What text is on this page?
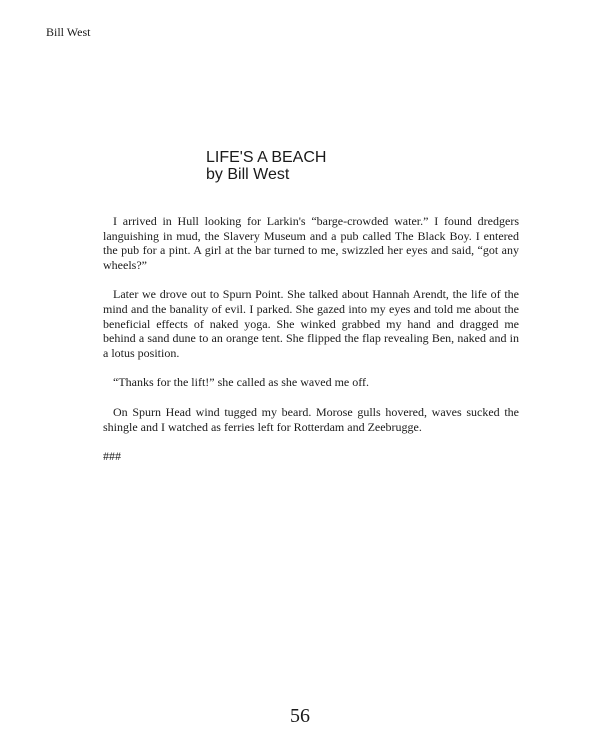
Bill West
LIFE'S A BEACH
by Bill West

I arrived in Hull looking for Larkin's “barge-crowded water.” I found dredgers languishing in mud, the Slavery Museum and a pub called The Black Boy. I entered the pub for a pint. A girl at the bar turned to me, swizzled her eyes and said, “got any wheels?”

Later we drove out to Spurn Point. She talked about Hannah Arendt, the life of the mind and the banality of evil. I parked. She gazed into my eyes and told me about the beneficial effects of naked yoga. She winked grabbed my hand and dragged me behind a sand dune to an orange tent. She flipped the flap revealing Ben, naked and in a lotus position.

“Thanks for the lift!” she called as she waved me off.

On Spurn Head wind tugged my beard. Morose gulls hovered, waves sucked the shingle and I watched as ferries left for Rotterdam and Zeebrugge.

###

56
